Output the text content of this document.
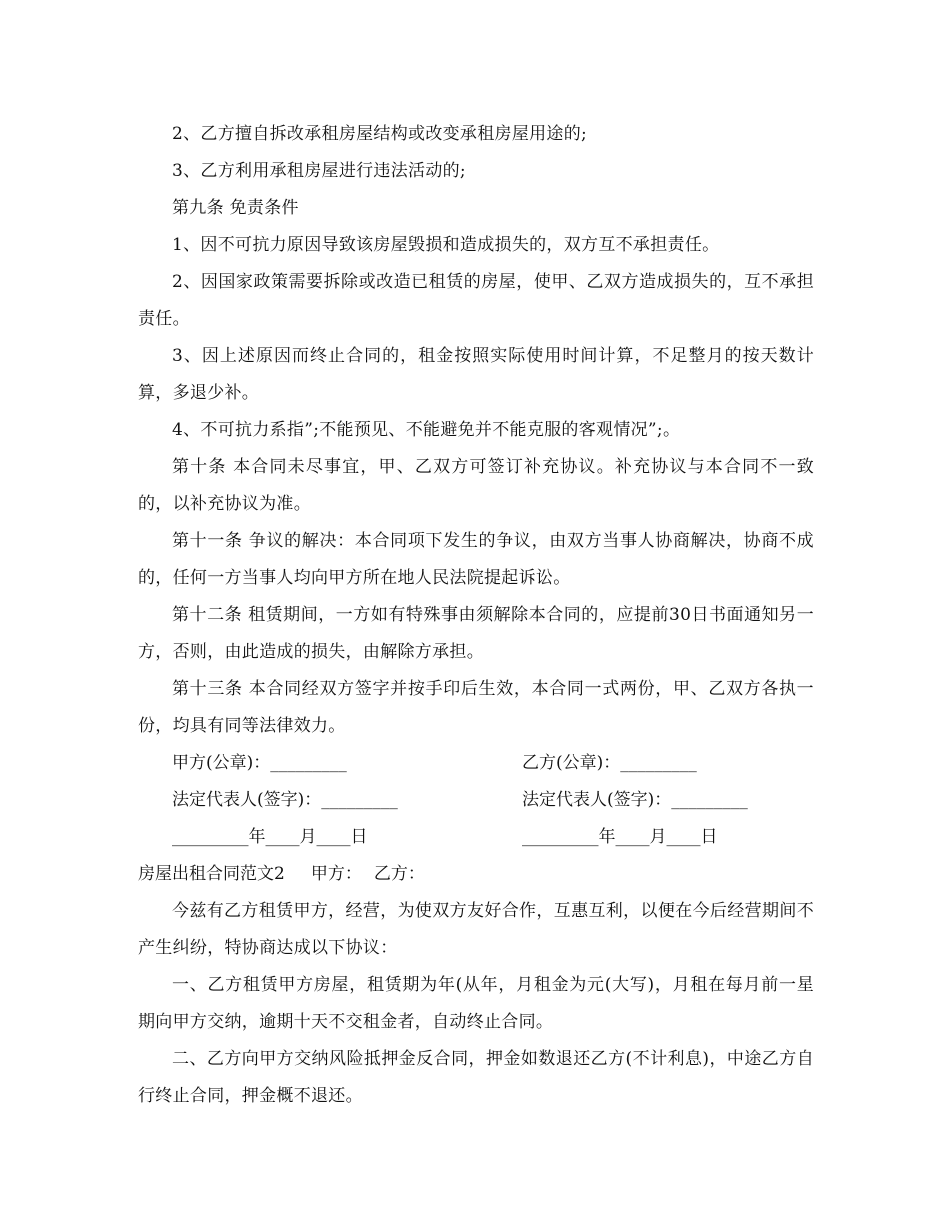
2、乙方擅自拆改承租房屋结构或改变承租房屋用途的;

3、乙方利用承租房屋进行违法活动的;

第九条 免责条件

1、因不可抗力原因导致该房屋毁损和造成损失的，双方互不承担责任。

2、因国家政策需要拆除或改造已租赁的房屋，使甲、乙双方造成损失的，互不承担责任。

3、因上述原因而终止合同的，租金按照实际使用时间计算，不足整月的按天数计算，多退少补。

4、不可抗力系指”;不能预见、不能避免并不能克服的客观情况”;。

第十条 本合同未尽事宜，甲、乙双方可签订补充协议。补充协议与本合同不一致的，以补充协议为准。

第十一条 争议的解决：本合同项下发生的争议，由双方当事人协商解决，协商不成的，任何一方当事人均向甲方所在地人民法院提起诉讼。

第十二条 租赁期间，一方如有特殊事由须解除本合同的，应提前30日书面通知另一方，否则，由此造成的损失，由解除方承担。

第十三条 本合同经双方签字并按手印后生效，本合同一式两份，甲、乙双方各执一份，均具有同等法律效力。

甲方(公章)：_________	乙方(公章)：_________
法定代表人(签字)：_________	法定代表人(签字)：_________
_________年____月____日	_________年____月____日

房屋出租合同范文2 甲方： 乙方：

今兹有乙方租赁甲方，经营，为使双方友好合作，互惠互利，以便在今后经营期间不产生纠纷，特协商达成以下协议：

一、乙方租赁甲方房屋，租赁期为年(从年，月租金为元(大写)，月租在每月前一星期向甲方交纳，逾期十天不交租金者，自动终止合同。

二、乙方向甲方交纳风险抵押金反合同，押金如数退还乙方(不计利息)，中途乙方自行终止合同，押金概不退还。
